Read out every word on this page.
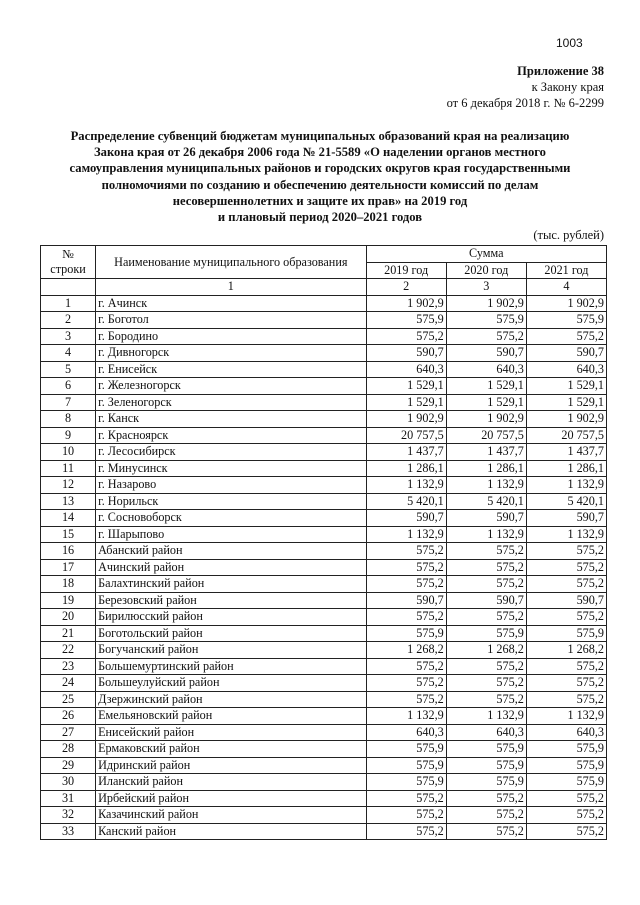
1003
Приложение 38
к Закону края
от 6 декабря 2018 г. № 6-2299
Распределение субвенций бюджетам муниципальных образований края на реализацию
Закона края от 26 декабря 2006 года № 21-5589 «О наделении органов местного
самоуправления муниципальных районов и городских округов края государственными
полномочиями по созданию и обеспечению деятельности комиссий по делам
несовершеннолетних и защите их прав» на 2019 год
и плановый период 2020–2021 годов
(тыс. рублей)
№
строки	Наименование муниципального образования	Сумма		
		2019 год	2020 год	2021 год
	1	2	3	4
1	г. Ачинск	1 902,9	1 902,9	1 902,9
2	г. Боготол	575,9	575,9	575,9
3	г. Бородино	575,2	575,2	575,2
4	г. Дивногорск	590,7	590,7	590,7
5	г. Енисейск	640,3	640,3	640,3
6	г. Железногорск	1 529,1	1 529,1	1 529,1
7	г. Зеленогорск	1 529,1	1 529,1	1 529,1
8	г. Канск	1 902,9	1 902,9	1 902,9
9	г. Красноярск	20 757,5	20 757,5	20 757,5
10	г. Лесосибирск	1 437,7	1 437,7	1 437,7
11	г. Минусинск	1 286,1	1 286,1	1 286,1
12	г. Назарово	1 132,9	1 132,9	1 132,9
13	г. Норильск	5 420,1	5 420,1	5 420,1
14	г. Сосновоборск	590,7	590,7	590,7
15	г. Шарыпово	1 132,9	1 132,9	1 132,9
16	Абанский район	575,2	575,2	575,2
17	Ачинский район	575,2	575,2	575,2
18	Балахтинский район	575,2	575,2	575,2
19	Березовский район	590,7	590,7	590,7
20	Бирилюсский район	575,2	575,2	575,2
21	Боготольский район	575,9	575,9	575,9
22	Богучанский район	1 268,2	1 268,2	1 268,2
23	Большемуртинский район	575,2	575,2	575,2
24	Большеулуйский район	575,2	575,2	575,2
25	Дзержинский район	575,2	575,2	575,2
26	Емельяновский район	1 132,9	1 132,9	1 132,9
27	Енисейский район	640,3	640,3	640,3
28	Ермаковский район	575,9	575,9	575,9
29	Идринский район	575,9	575,9	575,9
30	Иланский район	575,9	575,9	575,9
31	Ирбейский район	575,2	575,2	575,2
32	Казачинский район	575,2	575,2	575,2
33	Канский район	575,2	575,2	575,2
